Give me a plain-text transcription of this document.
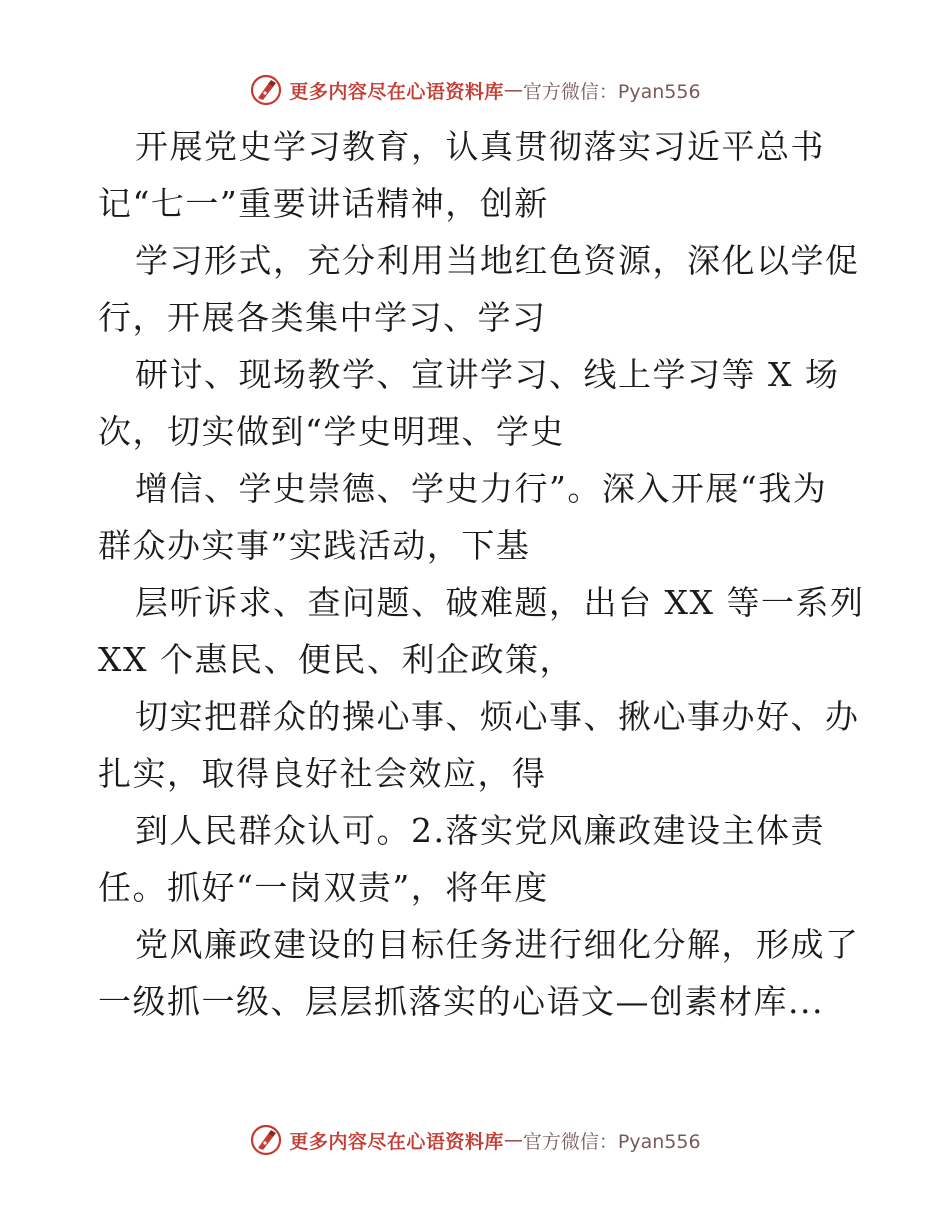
更多内容尽在心语资料库 — 官方微信：Pyan556
开展党史学习教育，认真贯彻落实习近平总书
记“七一”重要讲话精神，创新
学习形式，充分利用当地红色资源，深化以学促
行，开展各类集中学习、学习
研讨、现场教学、宣讲学习、线上学习等 X 场
次，切实做到“学史明理、学史
增信、学史崇德、学史力行”。深入开展“我为
群众办实事”实践活动，下基
层听诉求、查问题、破难题，出台 XX 等一系列
XX 个惠民、便民、利企政策，
切实把群众的操心事、烦心事、揪心事办好、办
扎实，取得良好社会效应，得
到人民群众认可。2.落实党风廉政建设主体责
任。抓好“一岗双责”，将年度
党风廉政建设的目标任务进行细化分解，形成了
一级抓一级、层层抓落实的心语文—创素材库...
更多内容尽在心语资料库 — 官方微信：Pyan556
